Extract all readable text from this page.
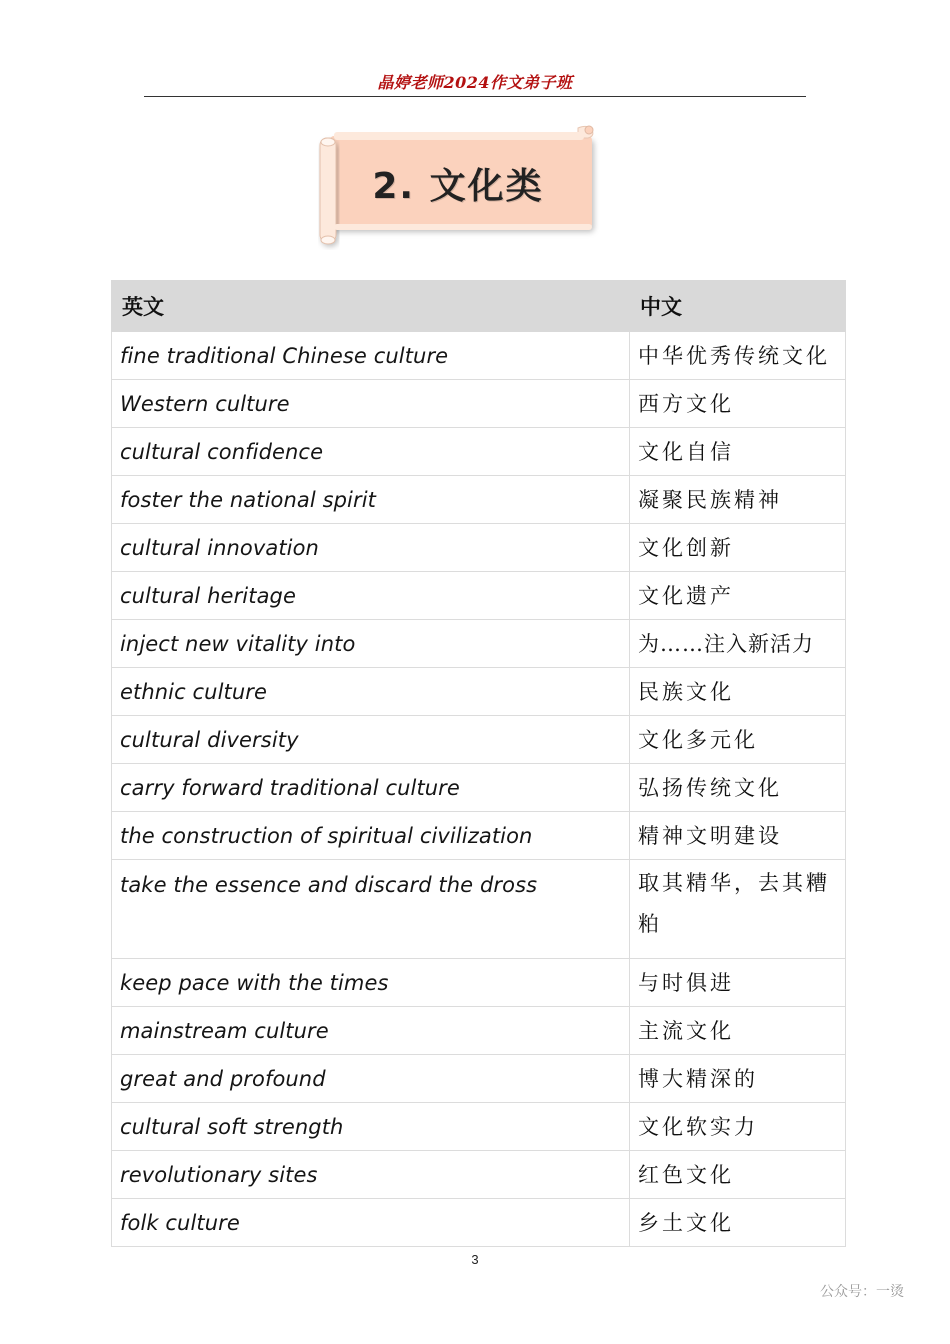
晶婷老师2024作文弟子班
2. 文化类
英文	中文
fine traditional Chinese culture	中华优秀传统文化
Western culture	西方文化
cultural confidence	文化自信
foster the national spirit	凝聚民族精神
cultural innovation	文化创新
cultural heritage	文化遗产
inject new vitality into	为……注入新活力
ethnic culture	民族文化
cultural diversity	文化多元化
carry forward traditional culture	弘扬传统文化
the construction of spiritual civilization	精神文明建设
take the essence and discard the dross	取其精华，去其糟粕
keep pace with the times	与时俱进
mainstream culture	主流文化
great and profound	博大精深的
cultural soft strength	文化软实力
revolutionary sites	红色文化
folk culture	乡土文化
3
公众号：一烫
